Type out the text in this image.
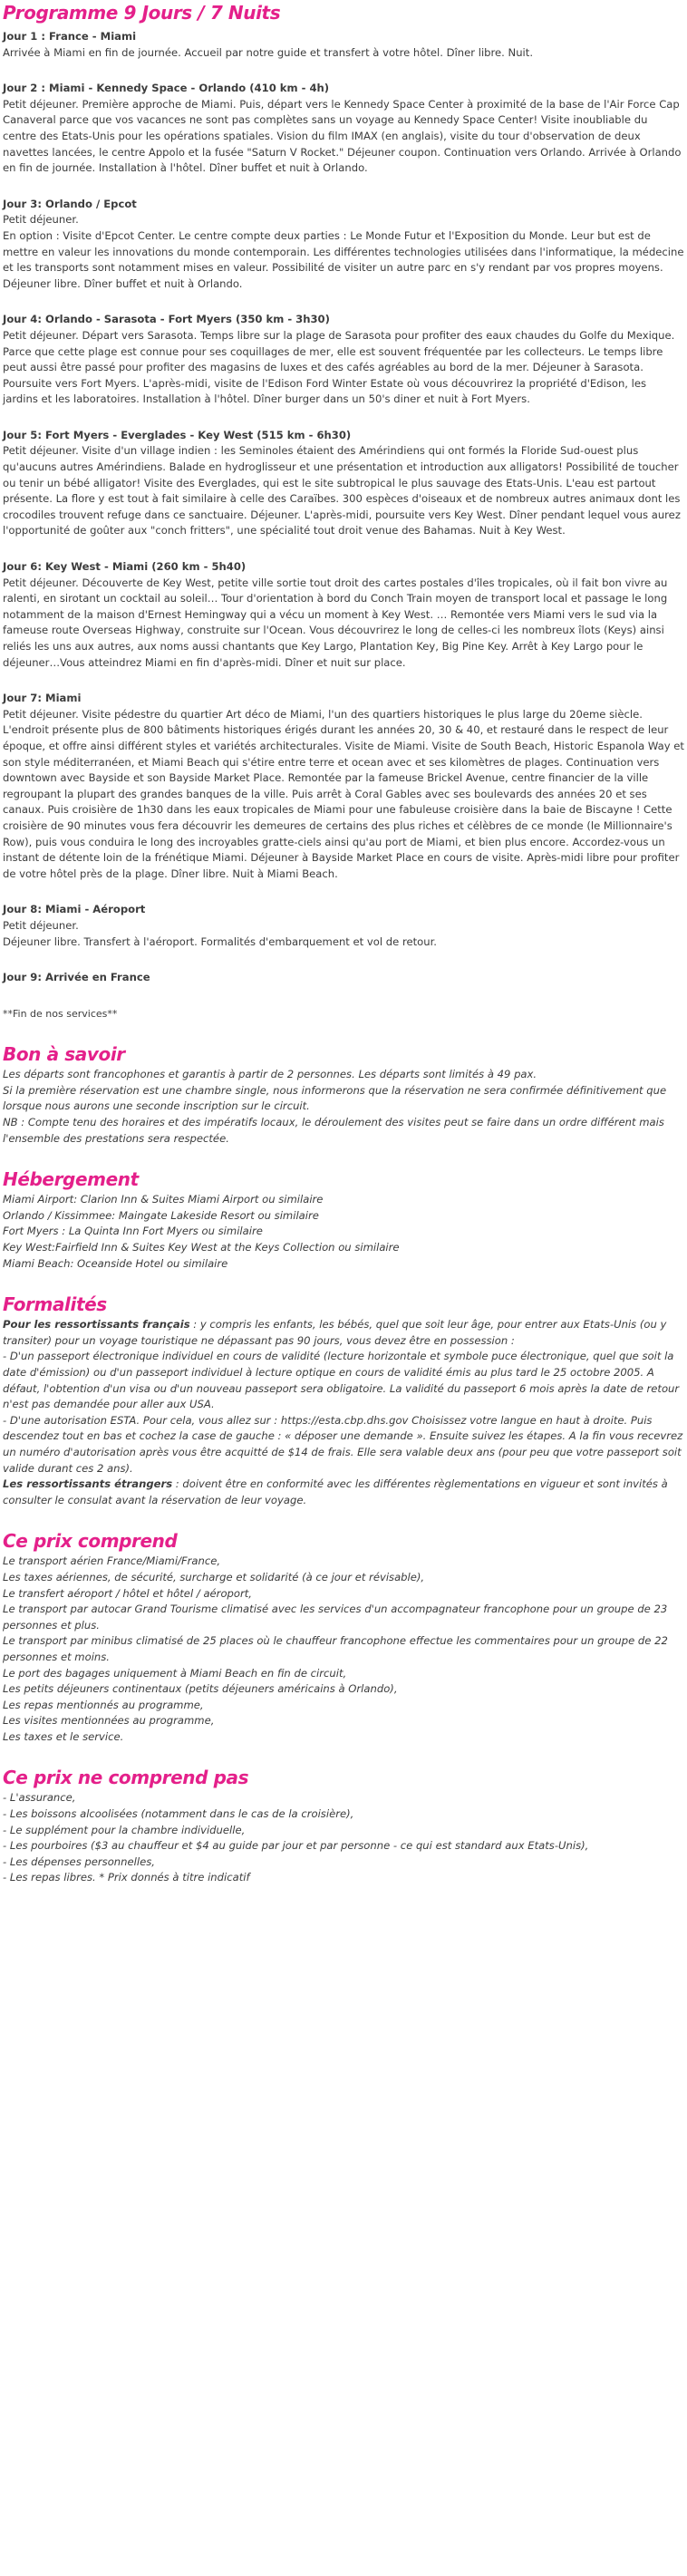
Programme 9 Jours / 7 Nuits
Jour 1 : France - Miami
Arrivée à Miami en fin de journée. Accueil par notre guide et transfert à votre hôtel. Dîner libre. Nuit.
Jour 2 : Miami - Kennedy Space - Orlando (410 km - 4h)
Petit déjeuner. Première approche de Miami. Puis, départ vers le Kennedy Space Center à proximité de la base de l'Air Force Cap Canaveral parce que vos vacances ne sont pas complètes sans un voyage au Kennedy Space Center! Visite inoubliable du centre des Etats-Unis pour les opérations spatiales. Vision du film IMAX (en anglais), visite du tour d'observation de deux navettes lancées, le centre Appolo et la fusée "Saturn V Rocket." Déjeuner coupon. Continuation vers Orlando. Arrivée à Orlando en fin de journée. Installation à l'hôtel. Dîner buffet et nuit à Orlando.
Jour 3: Orlando / Epcot
Petit déjeuner.
En option : Visite d'Epcot Center. Le centre compte deux parties : Le Monde Futur et l'Exposition du Monde. Leur but est de mettre en valeur les innovations du monde contemporain. Les différentes technologies utilisées dans l'informatique, la médecine et les transports sont notamment mises en valeur. Possibilité de visiter un autre parc en s'y rendant par vos propres moyens. Déjeuner libre. Dîner buffet et nuit à Orlando.
Jour 4: Orlando - Sarasota - Fort Myers (350 km - 3h30)
Petit déjeuner. Départ vers Sarasota. Temps libre sur la plage de Sarasota pour profiter des eaux chaudes du Golfe du Mexique. Parce que cette plage est connue pour ses coquillages de mer, elle est souvent fréquentée par les collecteurs. Le temps libre peut aussi être passé pour profiter des magasins de luxes et des cafés agréables au bord de la mer. Déjeuner à Sarasota. Poursuite vers Fort Myers. L'après-midi, visite de l'Edison Ford Winter Estate où vous découvrirez la propriété d'Edison, les jardins et les laboratoires. Installation à l'hôtel. Dîner burger dans un 50's diner et nuit à Fort Myers.
Jour 5: Fort Myers - Everglades - Key West (515 km - 6h30)
Petit déjeuner. Visite d'un village indien : les Seminoles étaient des Amérindiens qui ont formés la Floride Sud-ouest plus qu'aucuns autres Amérindiens. Balade en hydroglisseur et une présentation et introduction aux alligators! Possibilité de toucher ou tenir un bébé alligator! Visite des Everglades, qui est le site subtropical le plus sauvage des Etats-Unis. L'eau est partout présente. La flore y est tout à fait similaire à celle des Caraïbes. 300 espèces d'oiseaux et de nombreux autres animaux dont les crocodiles trouvent refuge dans ce sanctuaire. Déjeuner. L'après-midi, poursuite vers Key West. Dîner pendant lequel vous aurez l'opportunité de goûter aux "conch fritters", une spécialité tout droit venue des Bahamas. Nuit à Key West.
Jour 6: Key West - Miami (260 km - 5h40)
Petit déjeuner. Découverte de Key West, petite ville sortie tout droit des cartes postales d'îles tropicales, où il fait bon vivre au ralenti, en sirotant un cocktail au soleil… Tour d'orientation à bord du Conch Train moyen de transport local et passage le long notamment de la maison d'Ernest Hemingway qui a vécu un moment à Key West. … Remontée vers Miami vers le sud via la fameuse route Overseas Highway, construite sur l'Ocean. Vous découvrirez le long de celles-ci les nombreux îlots (Keys) ainsi reliés les uns aux autres, aux noms aussi chantants que Key Largo, Plantation Key, Big Pine Key. Arrêt à Key Largo pour le déjeuner…Vous atteindrez Miami en fin d'après-midi. Dîner et nuit sur place.
Jour 7: Miami
Petit déjeuner. Visite pédestre du quartier Art déco de Miami, l'un des quartiers historiques le plus large du 20eme siècle. L'endroit présente plus de 800 bâtiments historiques érigés durant les années 20, 30 & 40, et restauré dans le respect de leur époque, et offre ainsi différent styles et variétés architecturales. Visite de Miami. Visite de South Beach, Historic Espanola Way et son style méditerranéen, et Miami Beach qui s'étire entre terre et ocean avec et ses kilomètres de plages. Continuation vers downtown avec Bayside et son Bayside Market Place. Remontée par la fameuse Brickel Avenue, centre financier de la ville regroupant la plupart des grandes banques de la ville. Puis arrêt à Coral Gables avec ses boulevards des années 20 et ses canaux. Puis croisière de 1h30 dans les eaux tropicales de Miami pour une fabuleuse croisière dans la baie de Biscayne ! Cette croisière de 90 minutes vous fera découvrir les demeures de certains des plus riches et célèbres de ce monde (le Millionnaire's Row), puis vous conduira le long des incroyables gratte-ciels ainsi qu'au port de Miami, et bien plus encore. Accordez-vous un instant de détente loin de la frénétique Miami. Déjeuner à Bayside Market Place en cours de visite. Après-midi libre pour profiter de votre hôtel près de la plage. Dîner libre. Nuit à Miami Beach.
Jour 8: Miami - Aéroport
Petit déjeuner.
Déjeuner libre. Transfert à l'aéroport. Formalités d'embarquement et vol de retour.
Jour 9: Arrivée en France
**Fin de nos services**
Bon à savoir
Les départs sont francophones et garantis à partir de 2 personnes. Les départs sont limités à 49 pax.
Si la première réservation est une chambre single, nous informerons que la réservation ne sera confirmée définitivement que lorsque nous aurons une seconde inscription sur le circuit.
NB : Compte tenu des horaires et des impératifs locaux, le déroulement des visites peut se faire dans un ordre différent mais l'ensemble des prestations sera respectée.
Hébergement
Miami Airport: Clarion Inn & Suites Miami Airport ou similaire
Orlando / Kissimmee: Maingate Lakeside Resort ou similaire
Fort Myers : La Quinta Inn Fort Myers ou similaire
Key West:Fairfield Inn & Suites Key West at the Keys Collection ou similaire
Miami Beach: Oceanside Hotel ou similaire
Formalités
Pour les ressortissants français : y compris les enfants, les bébés, quel que soit leur âge, pour entrer aux Etats-Unis (ou y transiter) pour un voyage touristique ne dépassant pas 90 jours, vous devez être en possession :
- D'un passeport électronique individuel en cours de validité (lecture horizontale et symbole puce électronique, quel que soit la date d'émission) ou d'un passeport individuel à lecture optique en cours de validité émis au plus tard le 25 octobre 2005. A défaut, l'obtention d'un visa ou d'un nouveau passeport sera obligatoire. La validité du passeport 6 mois après la date de retour n'est pas demandée pour aller aux USA.
- D'une autorisation ESTA. Pour cela, vous allez sur : https://esta.cbp.dhs.gov Choisissez votre langue en haut à droite. Puis descendez tout en bas et cochez la case de gauche : « déposer une demande ». Ensuite suivez les étapes. A la fin vous recevrez un numéro d'autorisation après vous être acquitté de $14 de frais. Elle sera valable deux ans (pour peu que votre passeport soit valide durant ces 2 ans).
Les ressortissants étrangers : doivent être en conformité avec les différentes règlementations en vigueur et sont invités à consulter le consulat avant la réservation de leur voyage.
Ce prix comprend
Le transport aérien France/Miami/France,
Les taxes aériennes, de sécurité, surcharge et solidarité (à ce jour et révisable),
Le transfert aéroport / hôtel et hôtel / aéroport,
Le transport par autocar Grand Tourisme climatisé avec les services d'un accompagnateur francophone pour un groupe de 23 personnes et plus.
Le transport par minibus climatisé de 25 places où le chauffeur francophone effectue les commentaires pour un groupe de 22 personnes et moins.
Le port des bagages uniquement à Miami Beach en fin de circuit,
Les petits déjeuners continentaux (petits déjeuners américains à Orlando),
Les repas mentionnés au programme,
Les visites mentionnées au programme,
Les taxes et le service.
Ce prix ne comprend pas
- L'assurance,
- Les boissons alcoolisées (notamment dans le cas de la croisière),
- Le supplément pour la chambre individuelle,
- Les pourboires ($3 au chauffeur et $4 au guide par jour et par personne - ce qui est standard aux Etats-Unis),
- Les dépenses personnelles,
- Les repas libres. * Prix donnés à titre indicatif
